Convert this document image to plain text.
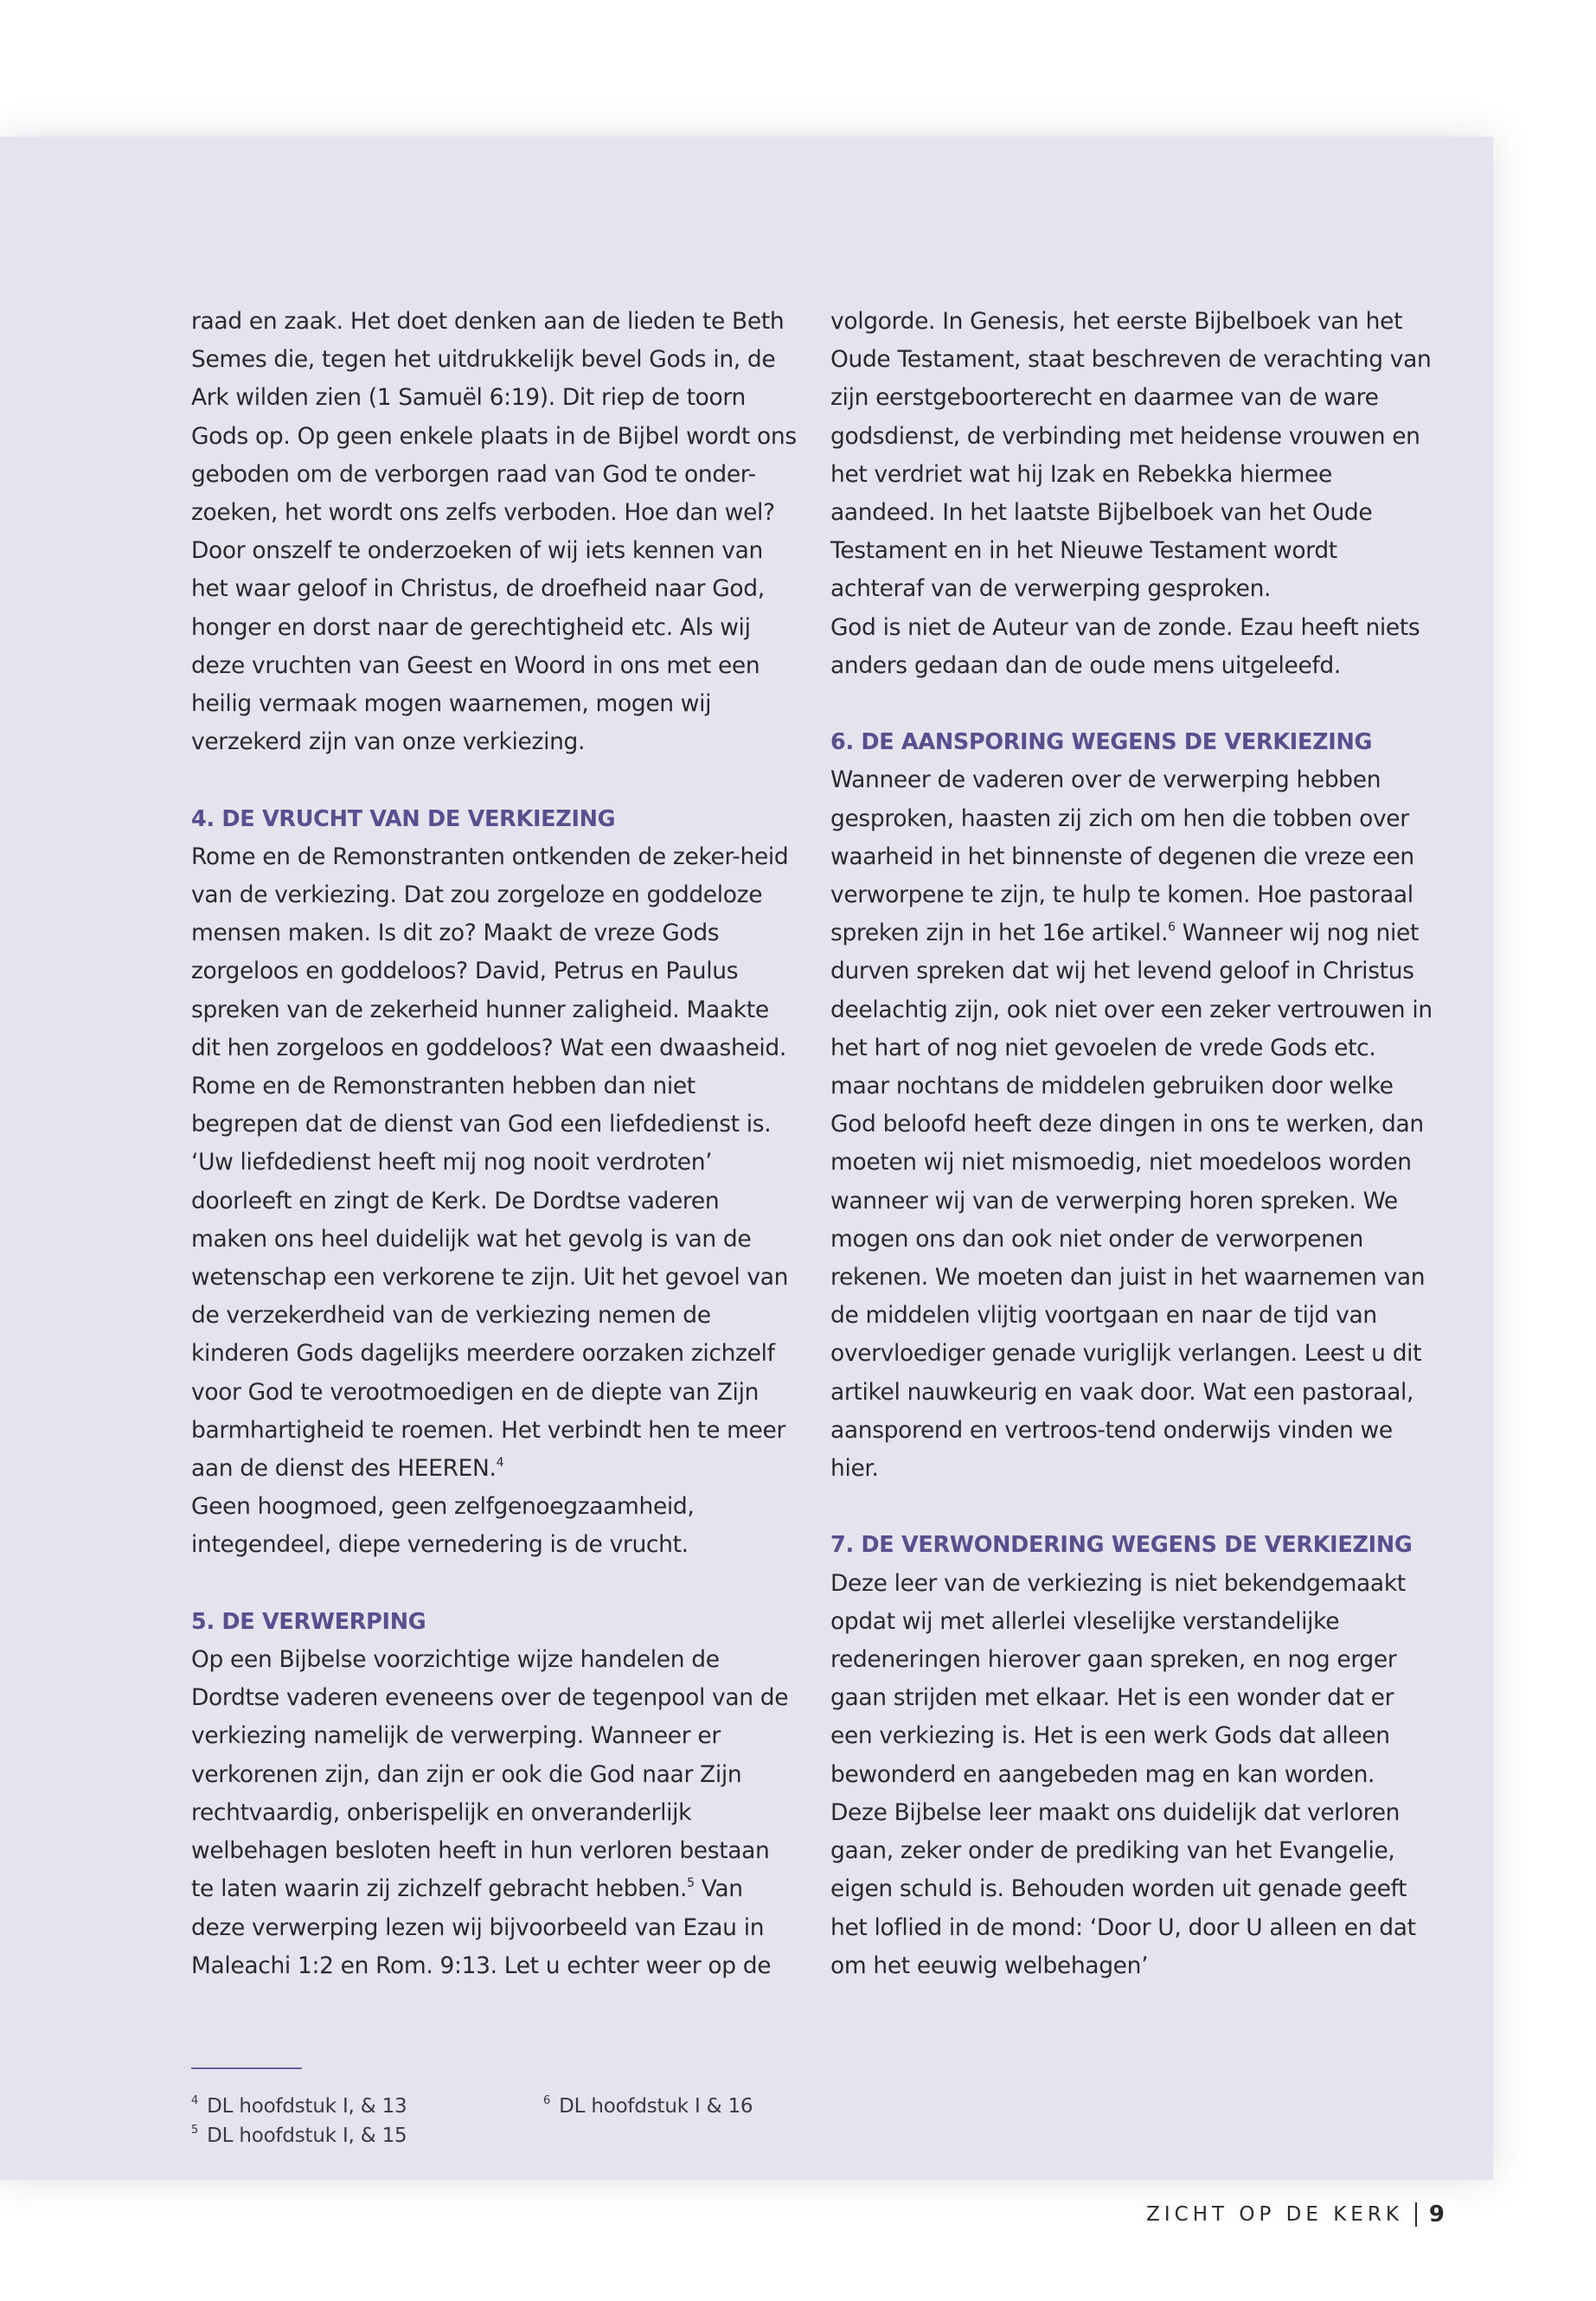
raad en zaak. Het doet denken aan de lieden te Beth Semes die, tegen het uitdrukkelijk bevel Gods in, de Ark wilden zien (1 Samuël 6:19). Dit riep de toorn Gods op. Op geen enkele plaats in de Bijbel wordt ons geboden om de verborgen raad van God te onder-zoeken, het wordt ons zelfs verboden. Hoe dan wel? Door onszelf te onderzoeken of wij iets kennen van het waar geloof in Christus, de droefheid naar God, honger en dorst naar de gerechtigheid etc. Als wij deze vruchten van Geest en Woord in ons met een heilig vermaak mogen waarnemen, mogen wij verzekerd zijn van onze verkiezing.

4. DE VRUCHT VAN DE VERKIEZING

Rome en de Remonstranten ontkenden de zeker-heid van de verkiezing. Dat zou zorgeloze en goddeloze mensen maken. Is dit zo? Maakt de vreze Gods zorgeloos en goddeloos? David, Petrus en Paulus spreken van de zekerheid hunner zaligheid. Maakte dit hen zorgeloos en goddeloos? Wat een dwaasheid. Rome en de Remonstranten hebben dan niet begrepen dat de dienst van God een liefdedienst is. ‘Uw liefdedienst heeft mij nog nooit verdroten’ doorleeft en zingt de Kerk. De Dordtse vaderen maken ons heel duidelijk wat het gevolg is van de wetenschap een verkorene te zijn. Uit het gevoel van de verzekerdheid van de verkiezing nemen de kinderen Gods dagelijks meerdere oorzaken zichzelf voor God te verootmoedigen en de diepte van Zijn barmhartigheid te roemen. Het verbindt hen te meer aan de dienst des HEEREN.$^4$

Geen hoogmoed, geen zelfgenoegzaamheid, integendeel, diepe vernedering is de vrucht.

5. DE VERWERPING

Op een Bijbelse voorzichtige wijze handelen de Dordtse vaderen eveneens over de tegenpool van de verkiezing namelijk de verwerping. Wanneer er verkorenen zijn, dan zijn er ook die God naar Zijn rechtvaardig, onberispelijk en onveranderlijk welbehagen besloten heeft in hun verloren bestaan te laten waarin zij zichzelf gebracht hebben.$^5$ Van deze verwerping lezen wij bijvoorbeeld van Ezau in Maleachi 1:2 en Rom. 9:13. Let u echter weer op de

volgorde. In Genesis, het eerste Bijbelboek van het Oude Testament, staat beschreven de verachting van zijn eerstgeboorterecht en daarmee van de ware godsdienst, de verbinding met heidense vrouwen en het verdriet wat hij Izak en Rebekka hiermee aandeed. In het laatste Bijbelboek van het Oude Testament en in het Nieuwe Testament wordt achteraf van de verwerping gesproken.

God is niet de Auteur van de zonde. Ezau heeft niets anders gedaan dan de oude mens uitgeleefd.

6. DE AANSPORING WEGENS DE VERKIEZING

Wanneer de vaderen over de verwerping hebben gesproken, haasten zij zich om hen die tobben over waarheid in het binnenste of degenen die vreze een verworpene te zijn, te hulp te komen. Hoe pastoraal spreken zijn in het 16e artikel.$^6$ Wanneer wij nog niet durven spreken dat wij het levend geloof in Christus deelachtig zijn, ook niet over een zeker vertrouwen in het hart of nog niet gevoelen de vrede Gods etc. maar nochtans de middelen gebruiken door welke God beloofd heeft deze dingen in ons te werken, dan moeten wij niet mismoedig, niet moedeloos worden wanneer wij van de verwerping horen spreken. We mogen ons dan ook niet onder de verworpenen rekenen. We moeten dan juist in het waarnemen van de middelen vlijtig voortgaan en naar de tijd van overvloediger genade vuriglijk verlangen. Leest u dit artikel nauwkeurig en vaak door. Wat een pastoraal, aansporend en vertroos-tend onderwijs vinden we hier.

7. DE VERWONDERING WEGENS DE VERKIEZING

Deze leer van de verkiezing is niet bekendgemaakt opdat wij met allerlei vleselijke verstandelijke redeneringen hierover gaan spreken, en nog erger gaan strijden met elkaar. Het is een wonder dat er een verkiezing is. Het is een werk Gods dat alleen bewonderd en aangebeden mag en kan worden. Deze Bijbelse leer maakt ons duidelijk dat verloren gaan, zeker onder de prediking van het Evangelie, eigen schuld is. Behouden worden uit genade geeft het loflied in de mond: ‘Door U, door U alleen en dat om het eeuwig welbehagen’

$^4$ DL hoofdstuk I, & 13
$^5$ DL hoofdstuk I, & 15
$^6$ DL hoofdstuk I & 16
ZICHT OP DE KERK 9
